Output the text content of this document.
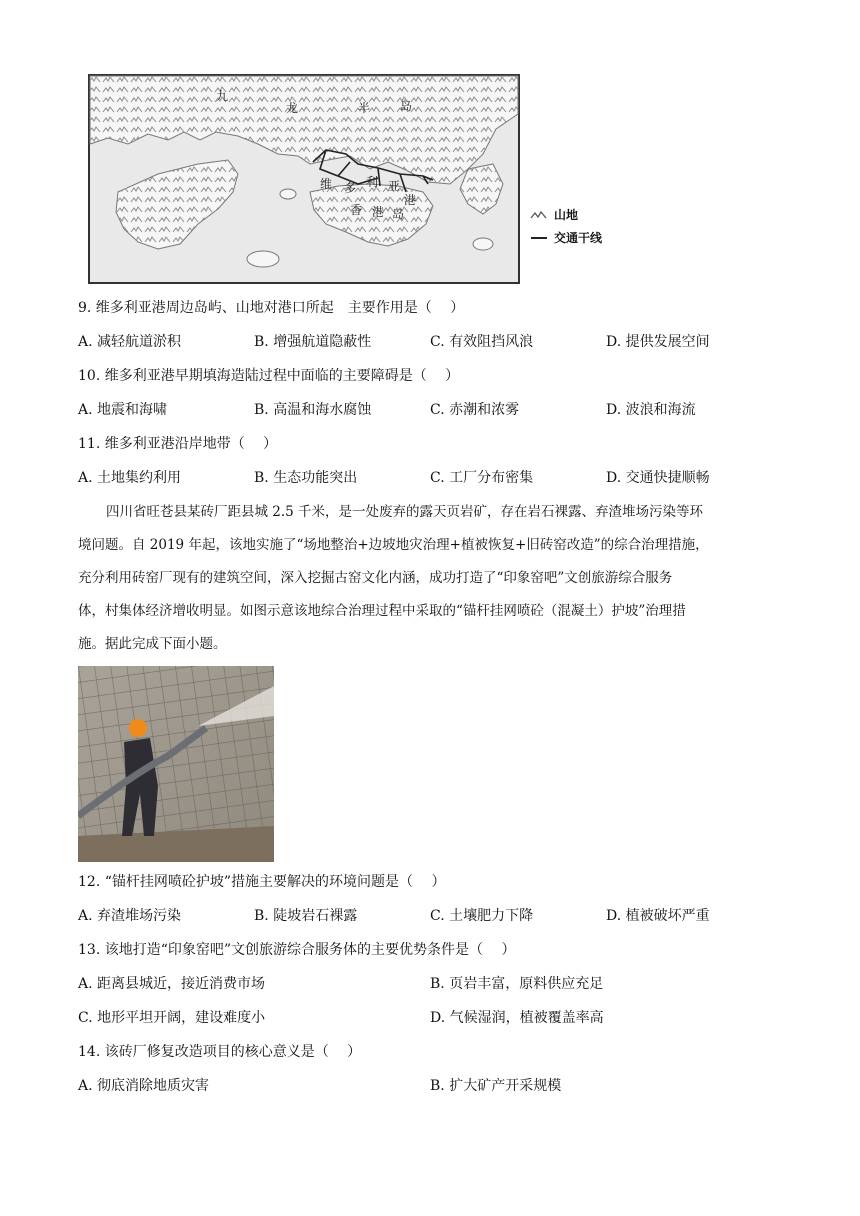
九
龙	半 岛
维 多 利 亚
港
香 港 岛	山地
交通干线
9. 维多利亚港周边岛屿、山地对港口所起　主要作用是（　 ）
A. 减轻航道淤积	B. 增强航道隐蔽性	C. 有效阻挡风浪	D. 提供发展空间
10. 维多利亚港早期填海造陆过程中面临的主要障碍是（　 ）
A. 地震和海啸	B. 高温和海水腐蚀	C. 赤潮和浓雾	D. 波浪和海流
11. 维多利亚港沿岸地带（　 ）
A. 土地集约利用	B. 生态功能突出	C. 工厂分布密集	D. 交通快捷顺畅
四川省旺苍县某砖厂距县城 2.5 千米，是一处废弃的露天页岩矿，存在岩石裸露、弃渣堆场污染等环
境问题。自 2019 年起，该地实施了“场地整治+边坡地灾治理+植被恢复+旧砖窑改造”的综合治理措施，
充分利用砖窑厂现有的建筑空间，深入挖掘古窑文化内涵，成功打造了“印象窑吧”文创旅游综合服务
体，村集体经济增收明显。如图示意该地综合治理过程中采取的“锚杆挂网喷砼（混凝土）护坡”治理措
施。据此完成下面小题。
12. “锚杆挂网喷砼护坡”措施主要解决的环境问题是（　 ）
A. 弃渣堆场污染	B. 陡坡岩石裸露	C. 土壤肥力下降	D. 植被破坏严重
13. 该地打造“印象窑吧”文创旅游综合服务体的主要优势条件是（　 ）
A. 距离县城近，接近消费市场	B. 页岩丰富，原料供应充足
C. 地形平坦开阔，建设难度小	D. 气候湿润，植被覆盖率高
14. 该砖厂修复改造项目的核心意义是（　 ）
A. 彻底消除地质灾害	B. 扩大矿产开采规模
